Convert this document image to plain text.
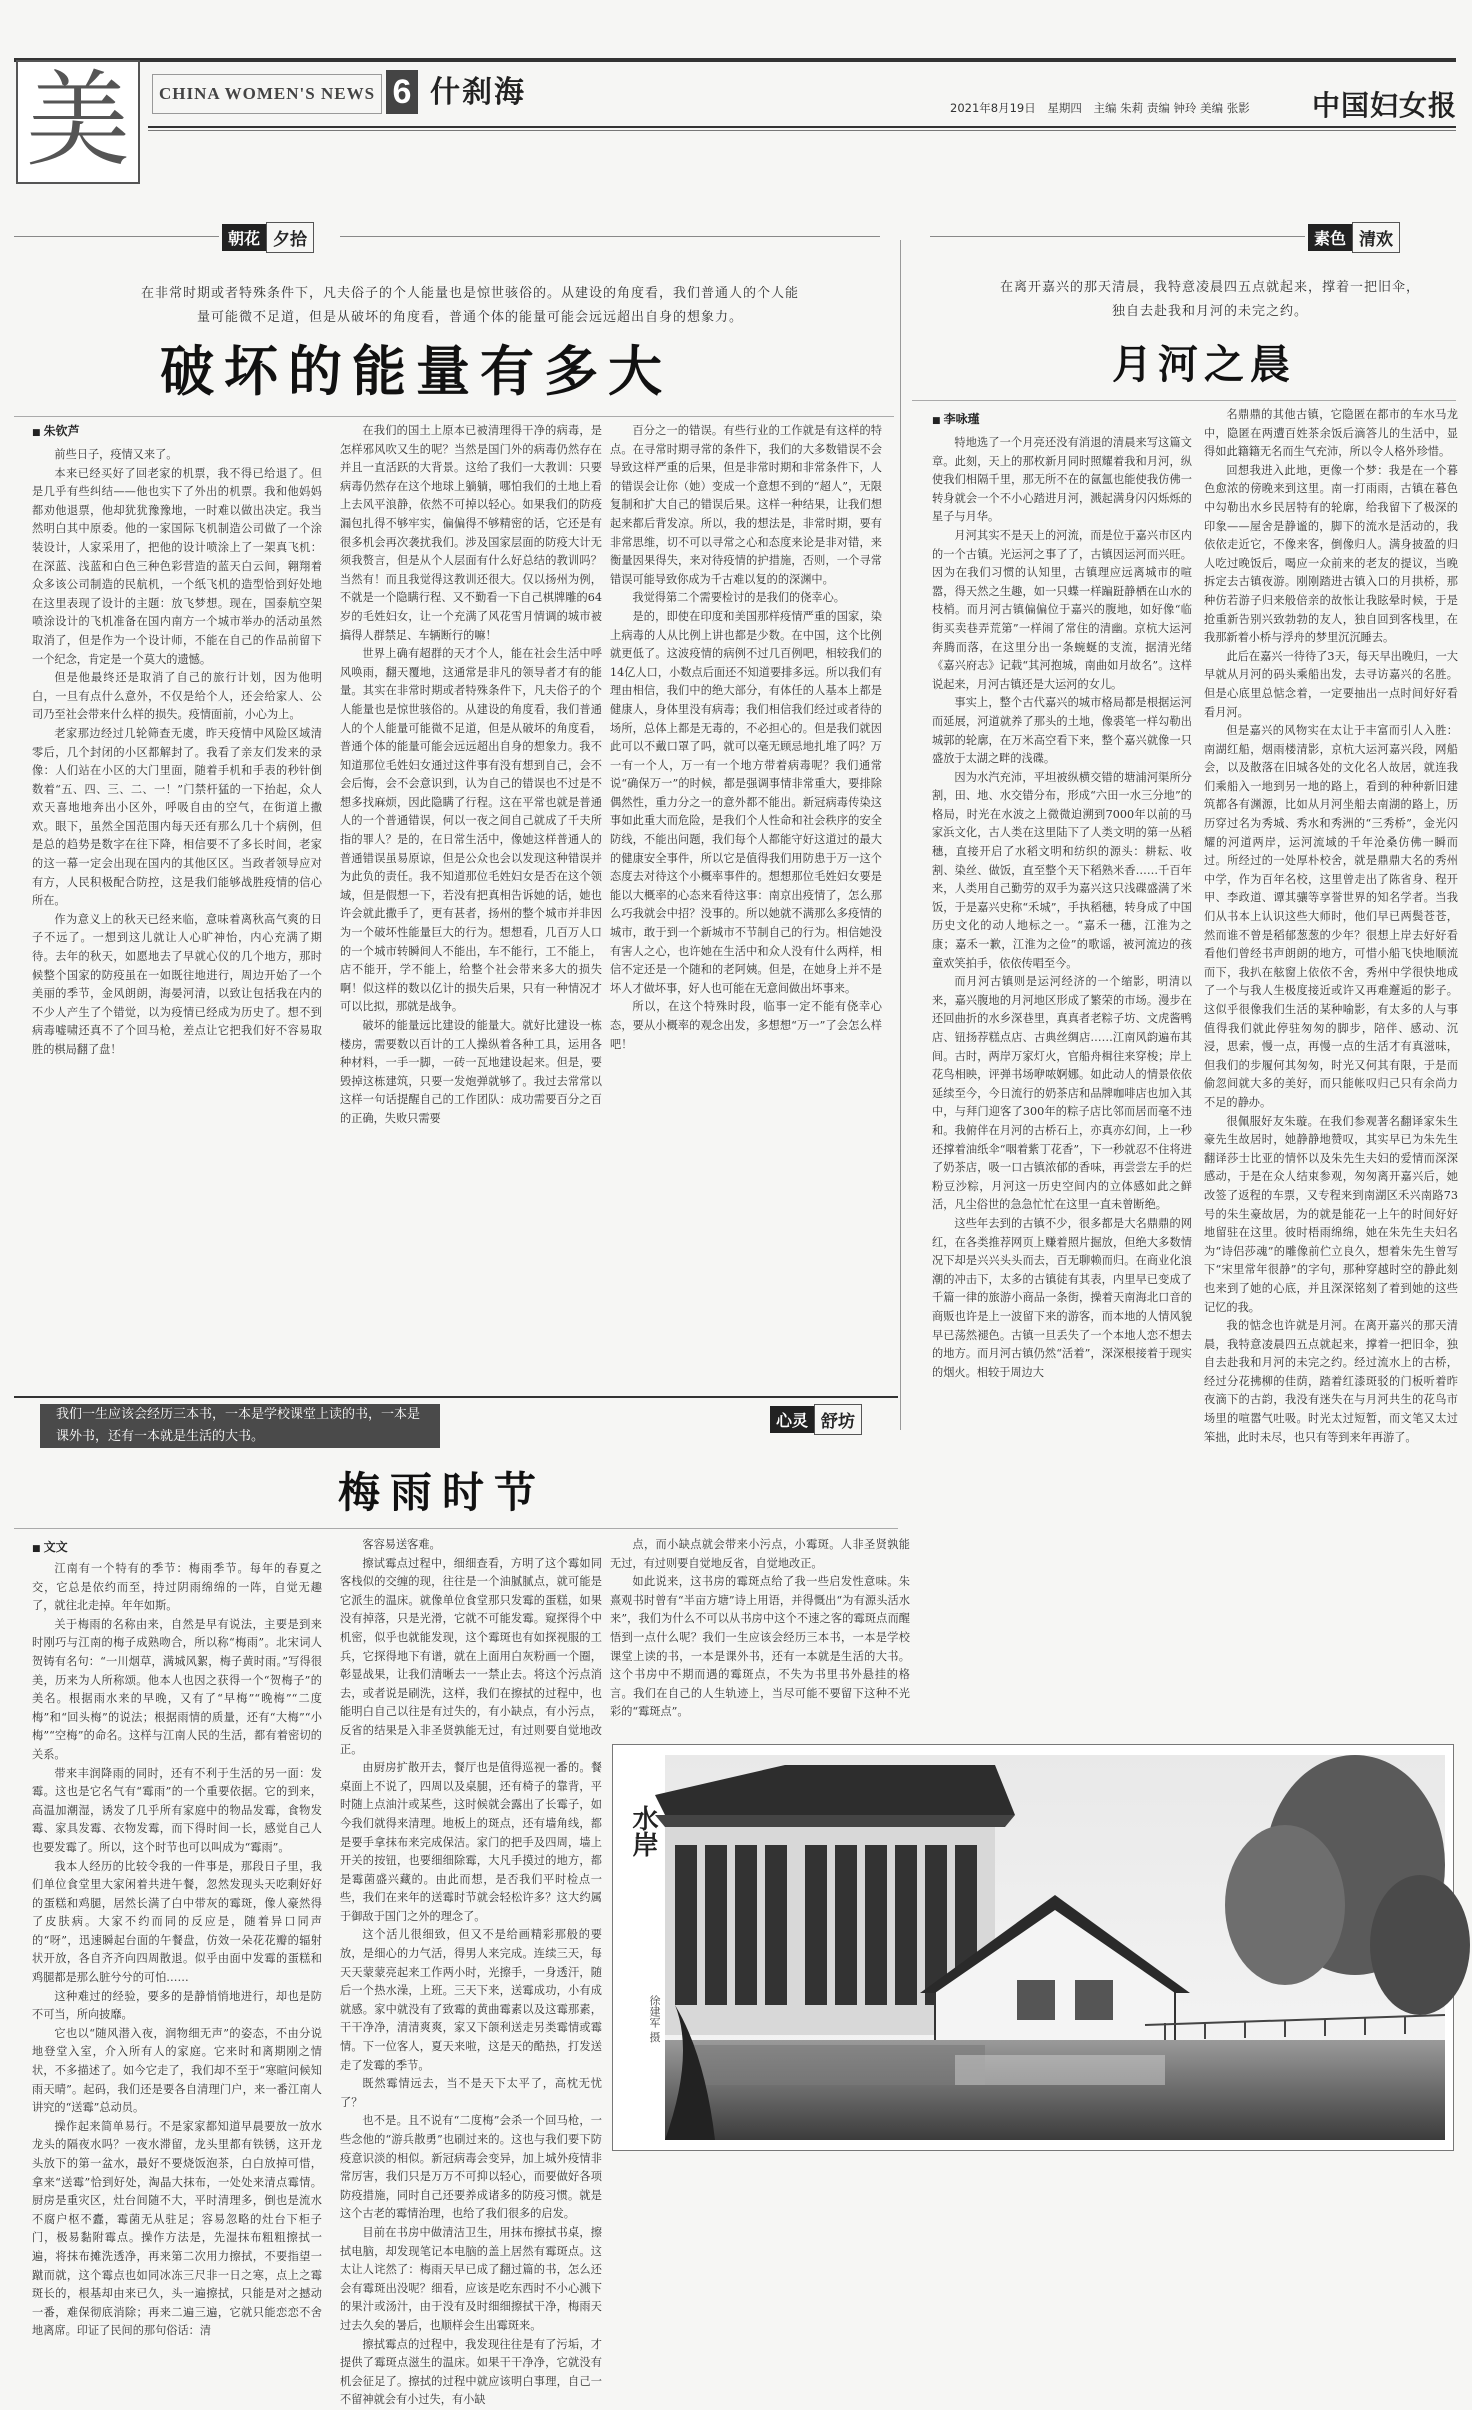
美	CHINA WOMEN'S NEWS 6 什刹海	2021年8月19日 星期四 主编 朱莉 责编 钟玲 美编 张影 中国妇女报
朝花 夕拾	素色 清欢
在非常时期或者特殊条件下，凡夫俗子的个人能量也是惊世骇俗的。从建设的角度看，我们普通人的个人能量可能微不足道，但是从破坏的角度看，普通个体的能量可能会远远超出自身的想象力。
破坏的能量有多大
■ 朱钦芦

前些日子，疫情又来了。

本来已经买好了回老家的机票，我不得已给退了。但是几乎有些纠结——他也实下了外出的机票。我和他妈妈都劝他退票，他却犹犹豫豫地，一时难以做出决定。我当然明白其中原委。他的一家国际飞机制造公司做了一个涂装设计，人家采用了，把他的设计喷涂上了一架真飞机：在深蓝、浅蓝和白色三种色彩营造的蓝天白云间，翱翔着众多该公司制造的民航机，一个纸飞机的造型恰到好处地在这里表现了设计的主题：放飞梦想。现在，国泰航空架喷涂设计的飞机准备在国内南方一个城市举办的活动虽然取消了，但是作为一个设计师，不能在自己的作品前留下一个纪念，肯定是一个莫大的遗憾。

但是他最终还是取消了自己的旅行计划，因为他明白，一旦有点什么意外，不仅是给个人，还会给家人、公司乃至社会带来什么样的损失。疫情面前，小心为上。

老家那边经过几轮筛查无虞，昨天疫情中风险区域清零后，几个封闭的小区都解封了。我看了亲友们发来的录像：人们站在小区的大门里面，随着手机和手表的秒针倒数着“五、四、三、二、一！”门禁杆猛的一下抬起，众人欢天喜地地奔出小区外，呼吸自由的空气，在街道上撒欢。眼下，虽然全国范围内每天还有那么几十个病例，但是总的趋势是数字在往下降，相信要不了多长时间，老家的这一幕一定会出现在国内的其他区区。当政者领导应对有方，人民积极配合防控，这是我们能够战胜疫情的信心所在。

作为意义上的秋天已经来临，意味着离秋高气爽的日子不远了。一想到这儿就让人心旷神怡，内心充满了期待。去年的秋天，如愿地去了早就心仪的几个地方，那时候整个国家的防疫虽在一如既往地进行，周边开始了一个美丽的季节，金风朗朗，海晏河清，以致让包括我在内的不少人产生了个错觉，以为疫情已经成为历史了。想不到病毒嘘啸还真不了个回马枪，差点让它把我们好不容易取胜的棋局翻了盘！

在我们的国土上原本已被清理得干净的病毒，是怎样邪风吹又生的呢？当然是国门外的病毒仍然存在并且一直活跃的大背景。这给了我们一大教训：只要病毒仍然存在这个地球上躺躺，哪怕我们的土地上看上去风平浪静，依然不可掉以轻心。如果我们的防疫漏包扎得不够牢实，偏偏得不够精密的话，它还是有很多机会再次袭扰我们。涉及国家层面的防疫大计无须我赘言，但是从个人层面有什么好总结的教训吗？当然有！而且我觉得这教训还很大。仅以扬州为例，不就是一个隐瞒行程、又不勤看一下自己棋牌雕的64岁的毛姓妇女，让一个充满了风花雪月情调的城市被搞得人群禁足、车辆断行的嘛！

世界上确有超群的天才个人，能在社会生活中呼风唤雨，翻天覆地，这通常是非凡的领导者才有的能量。其实在非常时期或者特殊条件下，凡夫俗子的个人能量也是惊世骇俗的。从建设的角度看，我们普通人的个人能量可能微不足道，但是从破坏的角度看，普通个体的能量可能会远远超出自身的想象力。我不知道那位毛姓妇女通过这件事有没有想到自己，会不会后悔，会不会意识到，认为自己的错误也不过是不想多找麻烦，因此隐瞒了行程。这在平常也就是普通人的一个普通错误，何以一夜之间自己就成了千夫所指的罪人？是的，在日常生活中，像她这样普通人的普通错误虽易原谅，但是公众也会以发现这种错误并为此负的责任。我不知道那位毛姓妇女是否在这个领域，但是假想一下，若没有把真相告诉她的话，她也许会就此撒手了，更有甚者，扬州的整个城市并非因为一个破坏性能量巨大的行为。想想看，几百万人口的一个城市转瞬间人不能出，车不能行，工不能上，店不能开，学不能上，给整个社会带来多大的损失啊！似这样的数以亿计的损失后果，只有一种情况才可以比拟，那就是战争。

破坏的能量远比建设的能量大。就好比建设一栋楼房，需要数以百计的工人操纵着各种工具，运用各种材料，一手一脚，一砖一瓦地建设起来。但是，要毁掉这栋建筑，只要一发炮弹就够了。我过去常常以这样一句话提醒自己的工作团队：成功需要百分之百的正确，失败只需要

百分之一的错误。有些行业的工作就是有这样的特点。在寻常时期寻常的条件下，我们的大多数错误不会导致这样严重的后果，但是非常时期和非常条件下，人的错误会让你（她）变成一个意想不到的“超人”，无限复制和扩大自己的错误后果。这样一种结果，让我们想起来都后背发凉。所以，我的想法是，非常时期，要有非常思维，切不可以寻常之心和态度来论是非对错，来衡量因果得失，来对待疫情的护措施，否则，一个寻常错误可能导致你成为千古难以复的的深渊中。

我觉得第二个需要检讨的是我们的侥幸心。

是的，即使在印度和美国那样疫情严重的国家，染上病毒的人从比例上讲也都是少数。在中国，这个比例就更低了。这波疫情的病例不过几百例吧，相较我们的14亿人口，小数点后面还不知道要排多远。所以我们有理由相信，我们中的绝大部分，有体任的人基本上都是健康人，身体里没有病毒；我们相信我们经过或者待的场所，总体上都是无毒的，不必担心的。但是我们就因此可以不戴口罩了吗，就可以毫无顾忌地扎堆了吗？万一有一个人，万一有一个地方带着病毒呢？我们通常说“确保万一”的时候，都是强调事情非常重大，要排除偶然性，重力分之一的意外都不能出。新冠病毒传染这事如此重大而危险，是我们个人性命和社会秩序的安全防线，不能出问题，我们每个人都能守好这道过的最大的健康安全事件，所以它是值得我们用防患于万一这个态度去对待这个小概率事件的。想想那位毛姓妇女要是能以大概率的心态来看待这事：南京出疫情了，怎么那么巧我就会中招？没事的。所以她就不满那么多疫情的城市，敢于到一个新城市不节制自己的行为。相信她没有害人之心，也许她在生活中和众人没有什么两样，相信不定还是一个随和的老阿姨。但是，在她身上并不是坏人才做坏事，好人也可能在无意间做出坏事来。

所以，在这个特殊时段，临事一定不能有侥幸心态，要从小概率的观念出发，多想想“万一”了会怎么样吧！

在离开嘉兴的那天清晨，我特意凌晨四五点就起来，撑着一把旧伞，独自去赴我和月河的未完之约。
月河之晨
■ 李咏瑾

特地选了一个月亮还没有消退的清晨来写这篇文章。此刻，天上的那枚新月同时照耀着我和月河，纵使我们相隔千里，那无所不在的氤氲也能使我仿佛一转身就会一个不小心踏进月河，溅起满身闪闪烁烁的星子与月华。

月河其实不是天上的河流，而是位于嘉兴市区内的一个古镇。光运河之事了了，古镇因运河而兴旺。因为在我们习惯的认知里，古镇理应远离城市的喧嚣，得天然之生趣，如一只蝶一样蹁跹静栖在山水的枝梢。而月河古镇偏偏位于嘉兴的腹地，如好像“临街买卖巷弄荒第”一样闹了常住的清幽。京杭大运河奔腾而落，在这里分出一条蜿蜒的支流，据清光绪《嘉兴府志》记载“其河抱城，南曲如月故名”。这样说起来，月河古镇还是大运河的女儿。

事实上，整个古代嘉兴的城市格局都是根据运河而延展，河道就养了那头的土地，像裘笔一样勾勒出城郭的轮廓，在万米高空看下来，整个嘉兴就像一只盛放于太湖之畔的浅碟。

因为水汽充沛，平坦被纵横交错的塘浦河渠所分割，田、地、水交错分布，形成“六田一水三分地”的格局，时光在水波之上微微迫溯到7000年以前的马家浜文化，古人类在这里陆下了人类文明的第一丛稻穗，直接开启了水稻文明和纺织的源头：耕耘、收割、染丝、做饭，直至整个天下稻熟米香……千百年来，人类用自己勤劳的双手为嘉兴这只浅碟盛满了米饭，于是嘉兴史称“禾城”，手执稻穗，转身成了中国历史文化的动人地标之一。“嘉禾一穗，江淮为之康；嘉禾一歉，江淮为之俭”的歌谣，被河流边的孩童欢笑拍手，依依传唱至今。

而月河古镇则是运河经济的一个缩影，明清以来，嘉兴腹地的月河地区形成了繁荣的市场。漫步在还回曲折的水乡深巷里，真真者老粽子坊、文虎酱鸭店、钮扬荐糕点店、古典丝绸店……江南风韵遍布其间。古时，两岸万家灯火，官船舟楫往来穿梭；岸上花鸟相映，评弹书场咿哝婀娜。如此动人的情景依依延续至今，今日流行的奶茶店和品牌咖啡店也加入其中，与拜门迎客了300年的粽子店比邻而居而毫不违和。我俯伴在月河的古桥石上，亦真亦幻间，上一秒还撑着油纸伞“咽着紫丁花香”，下一秒就忍不住将进了奶茶店，吸一口古镇浓郁的香味，再尝尝左手的烂粉豆沙粽，月河这一历史空间内的立体感如此之鲜活，凡尘俗世的急急忙忙在这里一直未曾断绝。

这些年去到的古镇不少，很多都是大名鼎鼎的网红，在各类推荐网页上赚着照片掘放，但绝大多数情况下却是兴兴头头而去，百无聊赖而归。在商业化浪潮的冲击下，太多的古镇徒有其表，内里早已变成了千篇一律的旅游小商品一条街，操着天南海北口音的商贩也许是上一波留下来的游客，而本地的人情风貌早已荡然褪色。古镇一旦丢失了一个本地人恋不想去的地方。而月河古镇仍然“活着”，深深根接着于现实的烟火。相较于周边大

名鼎鼎的其他古镇，它隐匿在都市的车水马龙中，隐匿在两遭百姓茶余饭后滴答儿的生活中，显得如此籍籍无名而生气充沛，所以令人格外珍惜。

回想我进入此地，更像一个梦：我是在一个暮色愈浓的傍晚来到这里。南一打雨雨，古镇在暮色中勾勒出水乡民居特有的轮廓，给我留下了极深的印象——屋舍是静谧的，脚下的流水是活动的，我依依走近它，不像来客，倒像归人。满身披盈的归人吃过晚饭后，喝应一众前来的老友的提议，当晚拆定去古镇夜游。刚刚踏进古镇入口的月拱桥，那种仿若游子归来般倍亲的故怅让我眩晕时候，于是抢重新告别兴致勃勃的友人，独自回到客栈里，在我那新着小桥与浮舟的梦里沉沉睡去。

此后在嘉兴一待待了3天，每天早出晚归，一大早就从月河的码头乘船出发，去寻访嘉兴的名胜。但是心底里总惦念着，一定要抽出一点时间好好看看月河。

但是嘉兴的风物实在太让于丰富而引人入胜：南湖红船，烟雨楼清影，京杭大运河嘉兴段，网船会，以及散落在旧城各处的文化名人故居，就连我们乘船入一地到另一地的路上，看到的种种新旧建筑都各有渊源，比如从月河坐船去南湖的路上，历历穿过名为秀城、秀水和秀洲的“三秀桥”，金光闪耀的河道两岸，运河流域的千年沧桑仿佛一瞬而过。所经过的一处厚朴校舍，就是鼎鼎大名的秀州中学，作为百年名校，这里曾走出了陈省身、程开甲、李政道、谭其骧等享誉世界的知名学者。当我们从书本上认识这些大师时，他们早已两鬓苍苍，然而谁不曾是稻郁葱葱的少年？很想上岸去好好看看他们曾经书声朗朗的地方，可惜小船飞快地顺流而下，我扒在舷窗上依依不舍，秀州中学很快地成了一个与我人生极度接近或许又再难邂逅的影子。这似乎很像我们生活的某种喻影，有太多的人与事值得我们就此停驻匆匆的脚步，陪伴、感动、沉浸，思索，慢一点，再慢一点的生活才有真滋味，但我们的步履何其匆匆，时光又何其有限，于是而偷忽间就大多的美好，而只能帐叹归己只有余尚力不足的静办。

很佩服好友朱璇。在我们参观著名翻译家朱生豪先生故居时，她静静地赞叹，其实早已为朱先生翻译莎士比亚的情怀以及朱先生夫妇的爱情而深深感动，于是在众人结束参观，匆匆离开嘉兴后，她改签了返程的车票，又专程来到南湖区禾兴南路73号的朱生豪故居，为的就是能花一上午的时间好好地留驻在这里。彼时梧雨绵绵，她在朱先生夫妇名为“诗侣莎魂”的雕像前伫立良久，想着朱先生曾写下“宋里常年很静”的字句，那种穿越时空的静此刻也来到了她的心底，并且深深铭刻了着到她的这些记忆的我。

我的惦念也许就是月河。在离开嘉兴的那天清晨，我特意凌晨四五点就起来，撑着一把旧伞，独自去赴我和月河的未完之约。经过流水上的古桥，经过分花拂柳的佳荫，踏着红漆斑驳的门板听着昨夜滴下的古韵，我没有迷失在与月河共生的花鸟市场里的喧嚣气吐吸。时光太过短暂，而文笔又太过笨拙，此时未尽，也只有等到来年再游了。

我们一生应该会经历三本书，一本是学校课堂上读的书，一本是课外书，还有一本就是生活的大书。
心灵 舒坊
梅雨时节
■ 文文

江南有一个特有的季节：梅雨季节。每年的春夏之交，它总是依约而至，持过阴雨绵绵的一阵，自觉无趣了，就往北走掉。年年如斯。

关于梅雨的名称由来，自然是早有说法，主要是到来时刚巧与江南的梅子成熟吻合，所以称“梅雨”。北宋词人贺铸有名句：“一川烟草，满城风絮，梅子黄时雨。”写得很美，历来为人所称颂。他本人也因之获得一个“贺梅子”的美名。根据雨水来的早晚，又有了“早梅”“晚梅”“二度梅”和“回头梅”的说法；根据雨情的质量，还有“大梅”“小梅”“空梅”的命名。这样与江南人民的生活，都有着密切的关系。

带来丰润降雨的同时，还有不利于生活的另一面：发霉。这也是它名气有“霉雨”的一个重要依据。它的到来，高温加潮湿，诱发了几乎所有家庭中的物品发霉，食物发霉、家具发霉、衣物发霉，而下得时间一长，感觉自己人也要发霉了。所以，这个时节也可以叫成为“霉雨”。

我本人经历的比较令我的一件事是，那段日子里，我们单位食堂里大家闲着共进午餐，忽然发现头天吃剩好好的蛋糕和鸡腿，居然长满了白中带灰的霉斑，像人豪然得了皮肤病。大家不约而同的反应是，随着异口同声的“呀”，迅速瞬起台面的午餐盘，仿效一朵花花瓣的辐射状开放，各自齐齐向四周散退。似乎由面中发霉的蛋糕和鸡腿都是那么脏兮兮的可怕……

这种难过的经验，要多的是静悄悄地进行，却也是防不可当，所向披靡。

它也以“随风潜入夜，润物细无声”的姿态，不由分说地登堂入室，介入所有人的家庭。它来时和离期刚之情状，不多描述了。如今它走了，我们却不至于“寒暄问候知雨天晴”。起码，我们还是要各自清理门户，来一番江南人讲究的“送霉”总动员。

操作起来简单易行。不是家家都知道早晨要放一放水龙头的隔夜水吗？一夜水滞留，龙头里都有铁锈，这开龙头放下的第一盆水，最好不要烧饭泡茶，白白放掉可惜，拿来“送霉”恰到好处，淘晶大抹布，一处处来清点霉情。厨房是重灾区，灶台间随不大，平时清理多，倒也是流水不腐户枢不蠹，霉菌无从驻足；容易忽略的灶台下柜子门，极易黏附霉点。操作方法是，先湿抹布粗粗擦拭一遍，将抹布摊洗透净，再来第二次用力擦拭，不要指望一蹴而就，这个霉点也如同冰冻三尺非一日之寒，点上之霉斑长的，根基却由来已久，头一遍擦拭，只能是对之撼动一番，难保彻底消除；再来二遍三遍，它就只能恋恋不舍地离席。印证了民间的那句俗话：清

客容易送客难。

擦试霉点过程中，细细查看，方明了这个霉如同客栈似的交缠的现，往往是一个油腻腻点，就可能是它派生的温床。就像单位食堂那只发霉的蛋糕，如果没有掉落，只是光滑，它就不可能发霉。窥探得个中机密，似乎也就能发现，这个霉斑也有如探视服的工兵，它探得地下有谱，就在上面用白灰粉画一个圈，彰显战果，让我们清晰去一一禁止去。将这个污点消去，或者说是刷洗，这样，我们在擦拭的过程中，也能明白自己以往是有过失的，有小缺点，有小污点，反省的结果是入非圣贤孰能无过，有过则要自觉地改正。

由厨房扩散开去，餐厅也是值得巡视一番的。餐桌面上不说了，四周以及桌腿，还有椅子的靠背，平时随上点油汁或某些，这时候就会露出了长霉子，如今我们就得来清理。地板上的斑点，还有墙角线，都是要手拿抹布来完成保洁。家门的把手及四周，墙上开关的按钮，也要细细除霉，大凡手摸过的地方，都是霉菌盛兴藏的。由此而想，是否我们平时检点一些，我们在来年的送霉时节就会轻松许多？这大约属于御敌于国门之外的理念了。

这个活儿很细致，但又不是给画精彩那般的要放，是细心的力气活，得男人来完成。连续三天，每天天蒙蒙亮起来工作两小时，光擦手，一身透汗，随后一个热水澡，上班。三天下来，送霉成功，小有成就感。家中就没有了致霉的黄曲霉素以及这霉那素，干干净净，清清爽爽，家又下颌利送走另类霉情或霉情。下一位客人，夏天来啦，这是天的酷热，打发送走了发霉的季节。

既然霉情远去，当不是天下太平了，高枕无忧了？

也不是。且不说有“二度梅”会杀一个回马枪，一些念他的“游兵散勇”也刷过来的。这也与我们要下防疫意识淡的相似。新冠病毒会变异，加上城外疫情非常厉害，我们只是万万不可抑以轻心，而要做好各项防疫措施，同时自己还要养成诸多的防疫习惯。就是这个古老的霉情治理，也给了我们很多的启发。

目前在书房中做清洁卫生，用抹布擦拭书桌，擦拭电脑，却发现笔记本电脑的盖上居然有霉斑点。这太让人诧然了：梅雨天早已成了翻过篇的书，怎么还会有霉斑出没呢？细看，应该是吃东西时不小心溅下的果汁或汤汁，由于没有及时细细擦拭干净，梅雨天过去久矣的暑后，也顺样会生出霉斑来。

擦拭霉点的过程中，我发现往往是有了污垢，才提供了霉斑点滋生的温床。如果干干净净，它就没有机会征足了。擦拭的过程中就应该明白事理，自己一不留神就会有小过失，有小缺

点，而小缺点就会带来小污点，小霉斑。人非圣贤孰能无过，有过则要自觉地反省，自觉地改正。

如此说来，这书房的霉斑点给了我一些启发性意味。朱熹观书时曾有“半亩方塘”诗上用语，并得慨出“为有源头活水来”，我们为什么不可以从书房中这个不速之客的霉斑点而醒悟到一点什么呢？我们一生应该会经历三本书，一本是学校课堂上读的书，一本是课外书，还有一本就是生活的大书。这个书房中不期而遇的霉斑点，不失为书里书外悬挂的格言。我们在自己的人生轨迹上，当尽可能不要留下这种不光彩的“霉斑点”。

水岸
徐建军 摄
